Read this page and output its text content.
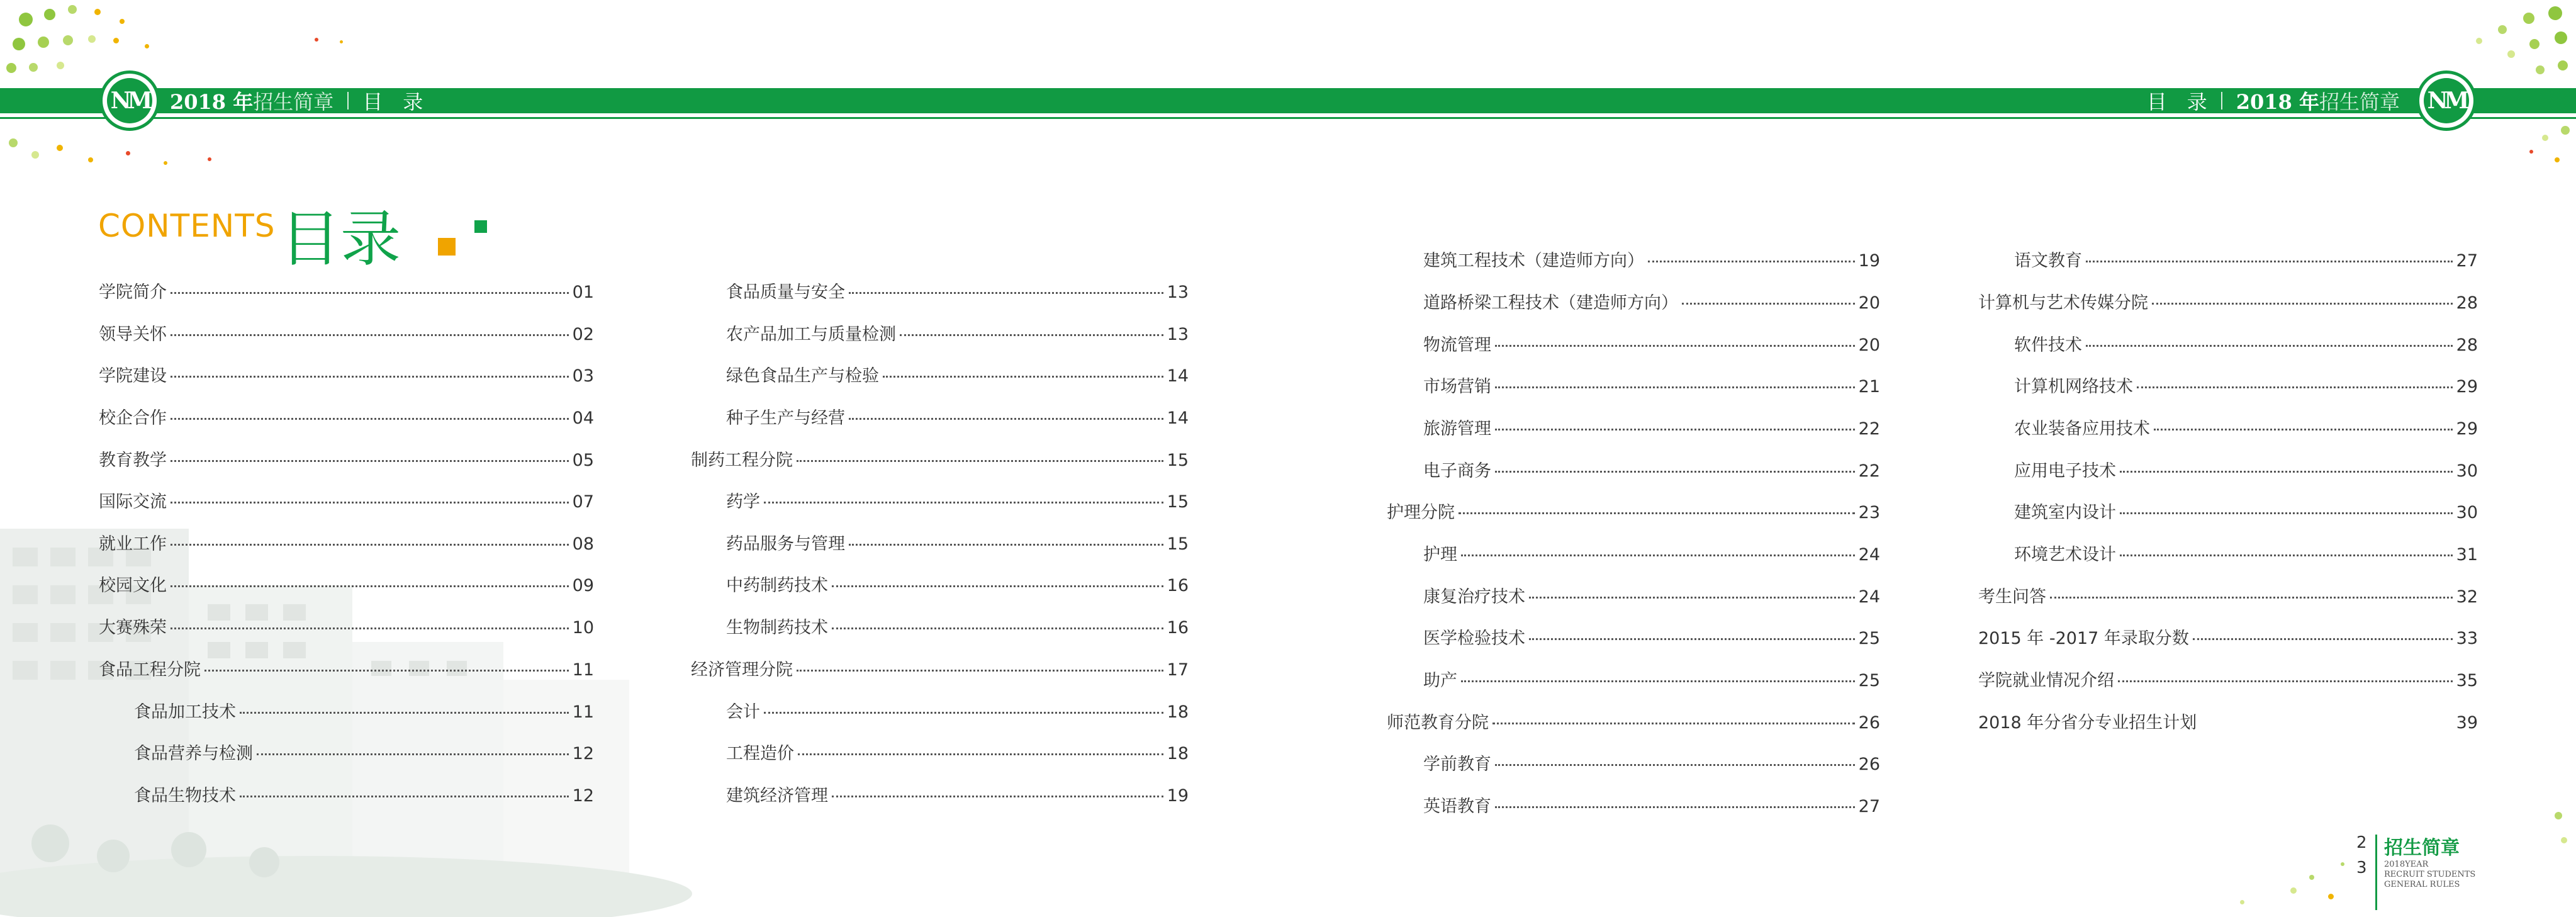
NM	NM
2018 年 招生简章 目　录	目　录 2018 年 招生简章
CONTENTS 目录
学院简介	01
领导关怀	02
学院建设	03
校企合作	04
教育教学	05
国际交流	07
就业工作	08
校园文化	09
大赛殊荣	10
食品工程分院	11
食品加工技术	11
食品营养与检测	12
食品生物技术	12
食品质量与安全	13
农产品加工与质量检测	13
绿色食品生产与检验	14
种子生产与经营	14
制药工程分院	15
药学	15
药品服务与管理	15
中药制药技术	16
生物制药技术	16
经济管理分院	17
会计	18
工程造价	18
建筑经济管理	19
建筑工程技术（建造师方向）	19
道路桥梁工程技术（建造师方向）	20
物流管理	20
市场营销	21
旅游管理	22
电子商务	22
护理分院	23
护理	24
康复治疗技术	24
医学检验技术	25
助产	25
师范教育分院	26
学前教育	26
英语教育	27
语文教育	27
计算机与艺术传媒分院	28
软件技术	28
计算机网络技术	29
农业装备应用技术	29
应用电子技术	30
建筑室内设计	30
环境艺术设计	31
考生问答	32
2015 年 -2017 年录取分数	33
学院就业情况介绍	35
2018 年分省分专业招生计划	39
2
3
招生简章
2018YEAR
RECRUIT STUDENTS
GENERAL RULES
